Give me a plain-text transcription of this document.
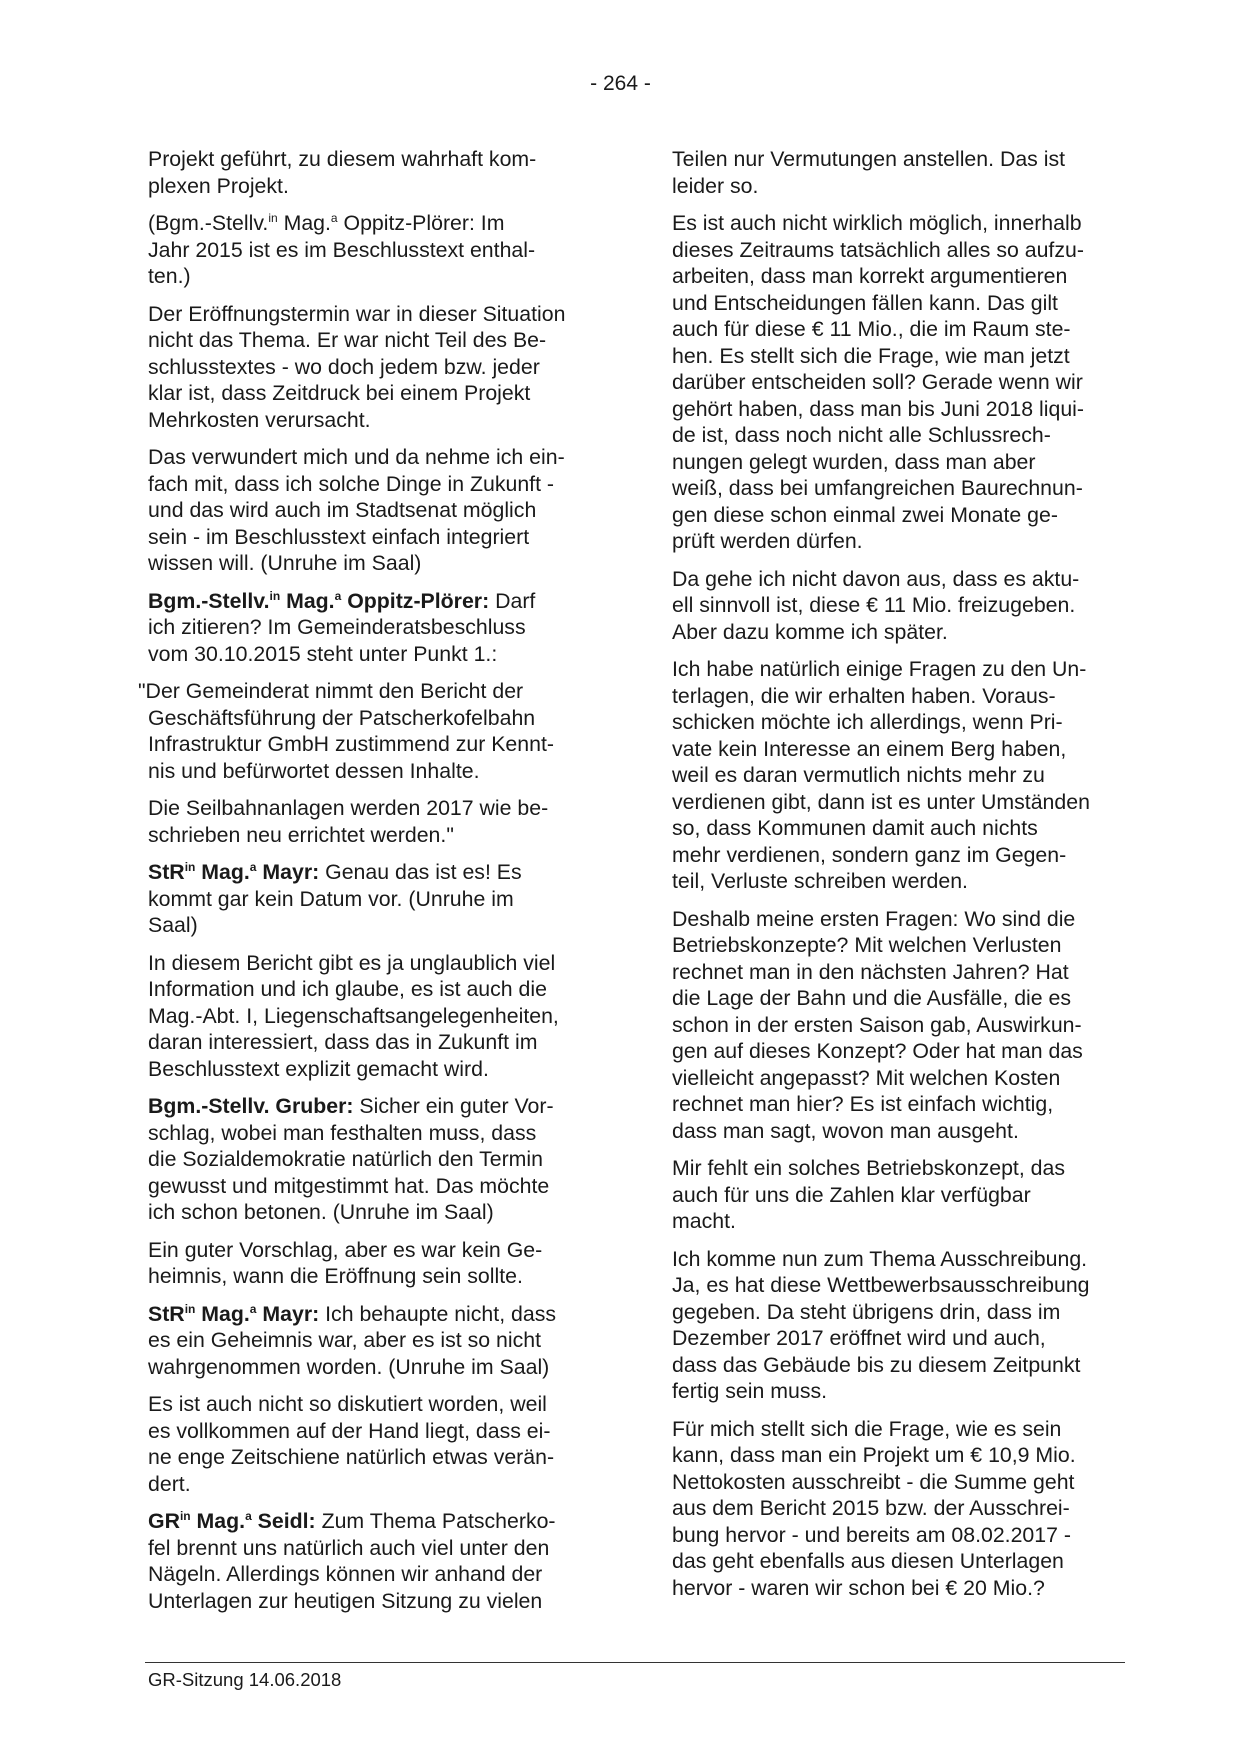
- 264 -
Projekt geführt, zu diesem wahrhaft kom-
plexen Projekt.
(Bgm.-Stellv.$^{in}$ Mag.$^a$ Oppitz-Plörer: Im
Jahr 2015 ist es im Beschlusstext enthal-
ten.)
Der Eröffnungstermin war in dieser Situation
nicht das Thema. Er war nicht Teil des Be-
schlusstextes - wo doch jedem bzw. jeder
klar ist, dass Zeitdruck bei einem Projekt
Mehrkosten verursacht.
Das verwundert mich und da nehme ich ein-
fach mit, dass ich solche Dinge in Zukunft -
und das wird auch im Stadtsenat möglich
sein - im Beschlusstext einfach integriert
wissen will. (Unruhe im Saal)
Bgm.-Stellv.$^{in}$ Mag.$^a$ Oppitz-Plörer: Darf
ich zitieren? Im Gemeinderatsbeschluss
vom 30.10.2015 steht unter Punkt 1.:
"Der Gemeinderat nimmt den Bericht der
Geschäftsführung der Patscherkofelbahn
Infrastruktur GmbH zustimmend zur Kennt-
nis und befürwortet dessen Inhalte.
Die Seilbahnanlagen werden 2017 wie be-
schrieben neu errichtet werden."
StR$^{in}$ Mag.$^a$ Mayr: Genau das ist es! Es
kommt gar kein Datum vor. (Unruhe im
Saal)
In diesem Bericht gibt es ja unglaublich viel
Information und ich glaube, es ist auch die
Mag.-Abt. I, Liegenschaftsangelegenheiten,
daran interessiert, dass das in Zukunft im
Beschlusstext explizit gemacht wird.
Bgm.-Stellv. Gruber: Sicher ein guter Vor-
schlag, wobei man festhalten muss, dass
die Sozialdemokratie natürlich den Termin
gewusst und mitgestimmt hat. Das möchte
ich schon betonen. (Unruhe im Saal)
Ein guter Vorschlag, aber es war kein Ge-
heimnis, wann die Eröffnung sein sollte.
StR$^{in}$ Mag.$^a$ Mayr: Ich behaupte nicht, dass
es ein Geheimnis war, aber es ist so nicht
wahrgenommen worden. (Unruhe im Saal)
Es ist auch nicht so diskutiert worden, weil
es vollkommen auf der Hand liegt, dass ei-
ne enge Zeitschiene natürlich etwas verän-
dert.
$GR^{in}$ Mag.$^a$ Seidl: Zum Thema Patscherko-
fel brennt uns natürlich auch viel unter den
Nägeln. Allerdings können wir anhand der
Unterlagen zur heutigen Sitzung zu vielen
Teilen nur Vermutungen anstellen. Das ist
leider so.
Es ist auch nicht wirklich möglich, innerhalb
dieses Zeitraums tatsächlich alles so aufzu-
arbeiten, dass man korrekt argumentieren
und Entscheidungen fällen kann. Das gilt
auch für diese € 11 Mio., die im Raum ste-
hen. Es stellt sich die Frage, wie man jetzt
darüber entscheiden soll? Gerade wenn wir
gehört haben, dass man bis Juni 2018 liqui-
de ist, dass noch nicht alle Schlussrech-
nungen gelegt wurden, dass man aber
weiß, dass bei umfangreichen Baurechnun-
gen diese schon einmal zwei Monate ge-
prüft werden dürfen.
Da gehe ich nicht davon aus, dass es aktu-
ell sinnvoll ist, diese € 11 Mio. freizugeben.
Aber dazu komme ich später.
Ich habe natürlich einige Fragen zu den Un-
terlagen, die wir erhalten haben. Voraus-
schicken möchte ich allerdings, wenn Pri-
vate kein Interesse an einem Berg haben,
weil es daran vermutlich nichts mehr zu
verdienen gibt, dann ist es unter Umständen
so, dass Kommunen damit auch nichts
mehr verdienen, sondern ganz im Gegen-
teil, Verluste schreiben werden.
Deshalb meine ersten Fragen: Wo sind die
Betriebskonzepte? Mit welchen Verlusten
rechnet man in den nächsten Jahren? Hat
die Lage der Bahn und die Ausfälle, die es
schon in der ersten Saison gab, Auswirkun-
gen auf dieses Konzept? Oder hat man das
vielleicht angepasst? Mit welchen Kosten
rechnet man hier? Es ist einfach wichtig,
dass man sagt, wovon man ausgeht.
Mir fehlt ein solches Betriebskonzept, das
auch für uns die Zahlen klar verfügbar
macht.
Ich komme nun zum Thema Ausschreibung.
Ja, es hat diese Wettbewerbsausschreibung
gegeben. Da steht übrigens drin, dass im
Dezember 2017 eröffnet wird und auch,
dass das Gebäude bis zu diesem Zeitpunkt
fertig sein muss.
Für mich stellt sich die Frage, wie es sein
kann, dass man ein Projekt um € 10,9 Mio.
Nettokosten ausschreibt - die Summe geht
aus dem Bericht 2015 bzw. der Ausschrei-
bung hervor - und bereits am 08.02.2017 -
das geht ebenfalls aus diesen Unterlagen
hervor - waren wir schon bei € 20 Mio.?
GR-Sitzung 14.06.2018
